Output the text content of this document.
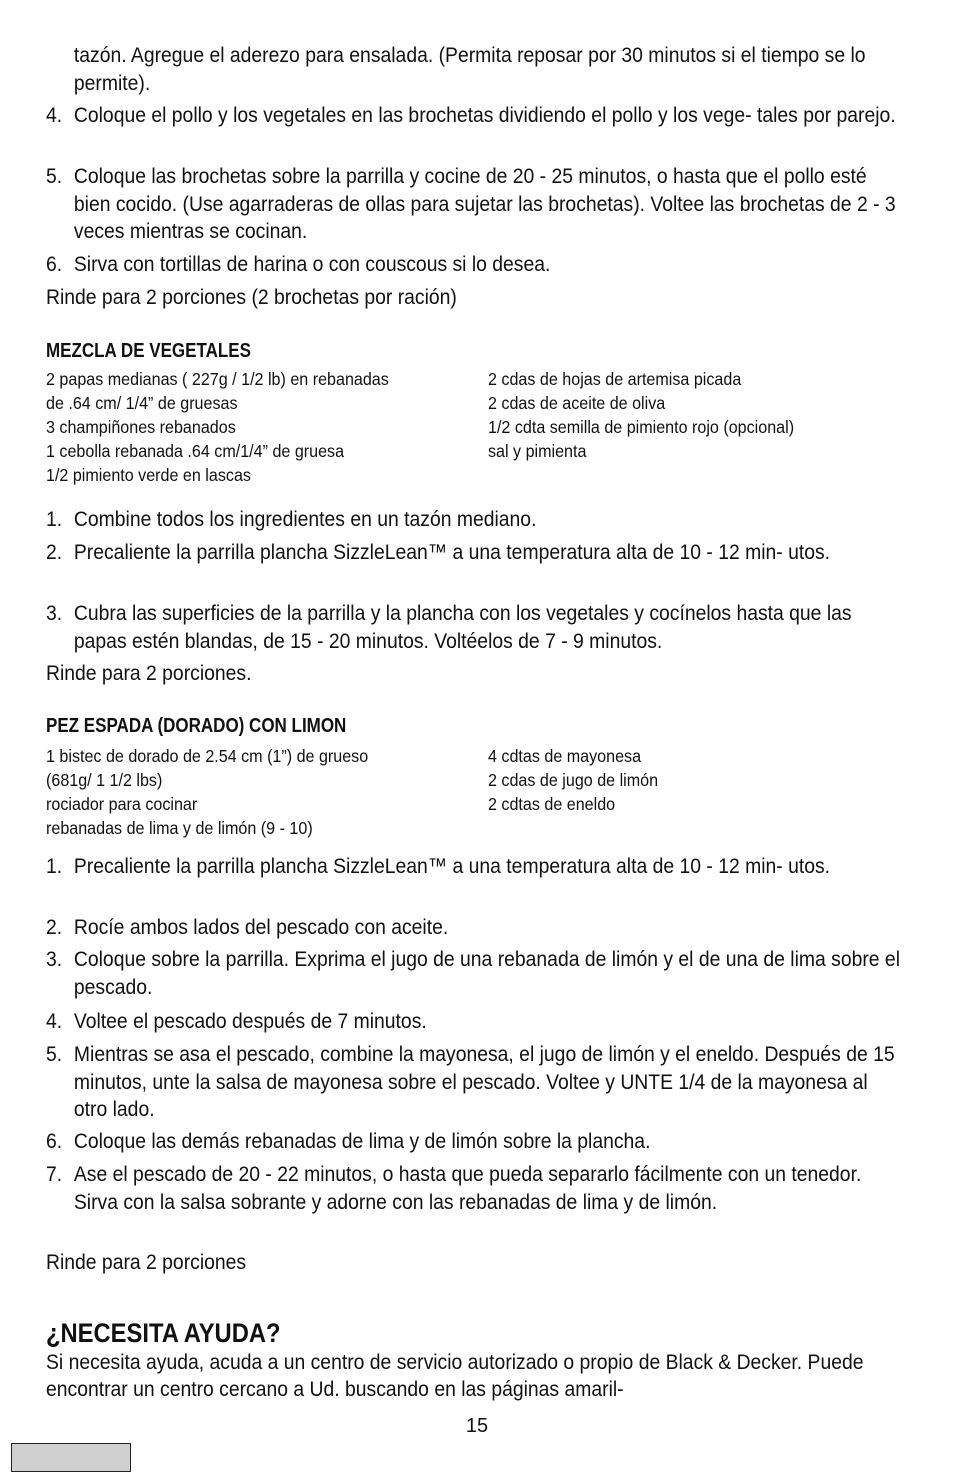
tazón. Agregue el aderezo para ensalada. (Permita reposar por 30 minutos si el tiempo se lo permite).
4. Coloque el pollo y los vegetales en las brochetas dividiendo el pollo y los vege- tales por parejo.
5. Coloque las brochetas sobre la parrilla y cocine de 20 - 25 minutos, o hasta que el pollo esté bien cocido. (Use agarraderas de ollas para sujetar las brochetas). Voltee las brochetas de 2 - 3 veces mientras se cocinan.
6. Sirva con tortillas de harina o con couscous si lo desea.
Rinde para 2 porciones (2 brochetas por ración)
MEZCLA DE VEGETALES
2 papas medianas ( 227g / 1/2 lb) en rebanadas
de .64 cm/ 1/4” de gruesas
3 champiñones rebanados
1 cebolla rebanada .64 cm/1/4” de gruesa
1/2 pimiento verde en lascas
2 cdas de hojas de artemisa picada
2 cdas de aceite de oliva
1/2 cdta semilla de pimiento rojo (opcional)
sal y pimienta
1. Combine todos los ingredientes en un tazón mediano.
2. Precaliente la parrilla plancha SizzleLean™ a una temperatura alta de 10 - 12 min- utos.
3. Cubra las superficies de la parrilla y la plancha con los vegetales y cocínelos hasta que las papas estén blandas, de 15 - 20 minutos. Voltéelos de 7 - 9 minutos.
Rinde para 2 porciones.
PEZ ESPADA (DORADO) CON LIMON
1 bistec de dorado de 2.54 cm (1”) de grueso
(681g/ 1 1/2 lbs)
rociador para cocinar
rebanadas de lima y de limón (9 - 10)
4 cdtas de mayonesa
2 cdas de jugo de limón
2 cdtas de eneldo
1. Precaliente la parrilla plancha SizzleLean™ a una temperatura alta de 10 - 12 min- utos.
2. Rocíe ambos lados del pescado con aceite.
3. Coloque sobre la parrilla. Exprima el jugo de una rebanada de limón y el de una de lima sobre el pescado.
4. Voltee el pescado después de 7 minutos.
5. Mientras se asa el pescado, combine la mayonesa, el jugo de limón y el eneldo. Después de 15 minutos, unte la salsa de mayonesa sobre el pescado. Voltee y UNTE 1/4 de la mayonesa al otro lado.
6. Coloque las demás rebanadas de lima y de limón sobre la plancha.
7. Ase el pescado de 20 - 22 minutos, o hasta que pueda separarlo fácilmente con un tenedor. Sirva con la salsa sobrante y adorne con las rebanadas de lima y de limón.
Rinde para 2 porciones
¿NECESITA AYUDA?
Si necesita ayuda, acuda a un centro de servicio autorizado o propio de Black & Decker. Puede encontrar un centro cercano a Ud. buscando en las páginas amaril-
15
